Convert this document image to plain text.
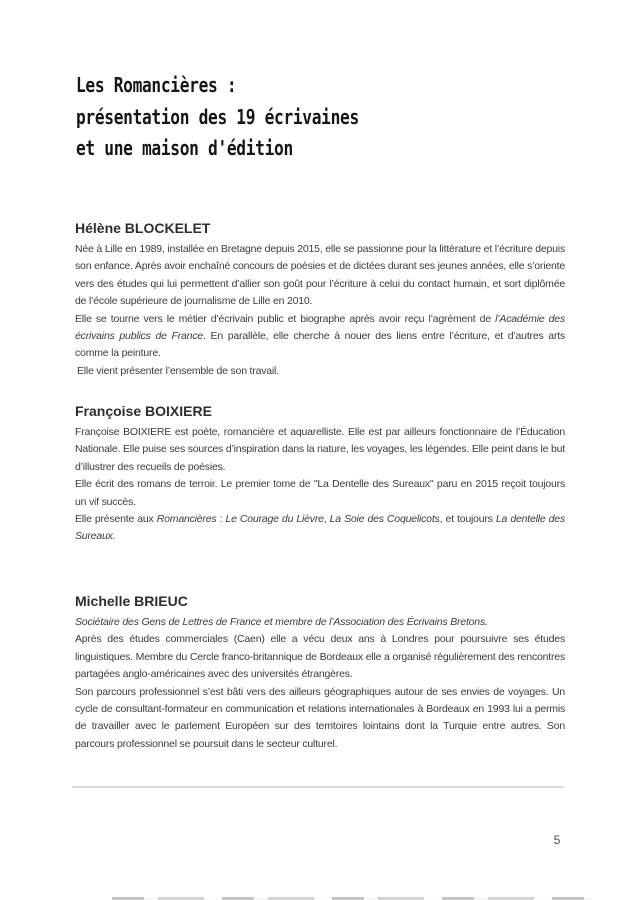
Les Romancières :
présentation des 19 écrivaines
et une maison d'édition
Hélène BLOCKELET

Née à Lille en 1989, installée en Bretagne depuis 2015, elle se passionne pour la littérature et l’écriture depuis son enfance. Après avoir enchaîné concours de poésies et de dictées durant ses jeunes années, elle s’oriente vers des études qui lui permettent d’allier son goût pour l’écriture à celui du contact humain, et sort diplômée de l’école supérieure de journalisme de Lille en 2010.

Elle se tourne vers le métier d’écrivain public et biographe après avoir reçu l’agrément de l’Académie des écrivains publics de France. En parallèle, elle cherche à nouer des liens entre l’écriture, et d’autres arts comme la peinture.

Elle vient présenter l’ensemble de son travail.

Françoise BOIXIERE

Françoise BOIXIERE est poète, romancière et aquarelliste. Elle est par ailleurs fonctionnaire de l’Éducation Nationale. Elle puise ses sources d’inspiration dans la nature, les voyages, les légendes. Elle peint dans le but d’illustrer des recueils de poésies.

Elle écrit des romans de terroir. Le premier tome de "La Dentelle des Sureaux" paru en 2015 reçoit toujours un vif succès.

Elle présente aux Romancières : Le Courage du Lièvre, La Soie des Coquelicots, et toujours La dentelle des Sureaux.

Michelle BRIEUC

Sociétaire des Gens de Lettres de France et membre de l’Association des Écrivains Bretons.

Après des études commerciales (Caen) elle a vécu deux ans à Londres pour poursuivre ses études linguistiques. Membre du Cercle franco-britannique de Bordeaux elle a organisé régulièrement des rencontres partagées anglo-américaines avec des universités étrangères.

Son parcours professionnel s’est bâti vers des ailleurs géographiques autour de ses envies de voyages. Un cycle de consultant-formateur en communication et relations internationales à Bordeaux en 1993 lui a permis de travailler avec le parlement Européen sur des territoires lointains dont la Turquie entre autres. Son parcours professionnel se poursuit dans le secteur culturel.

5
